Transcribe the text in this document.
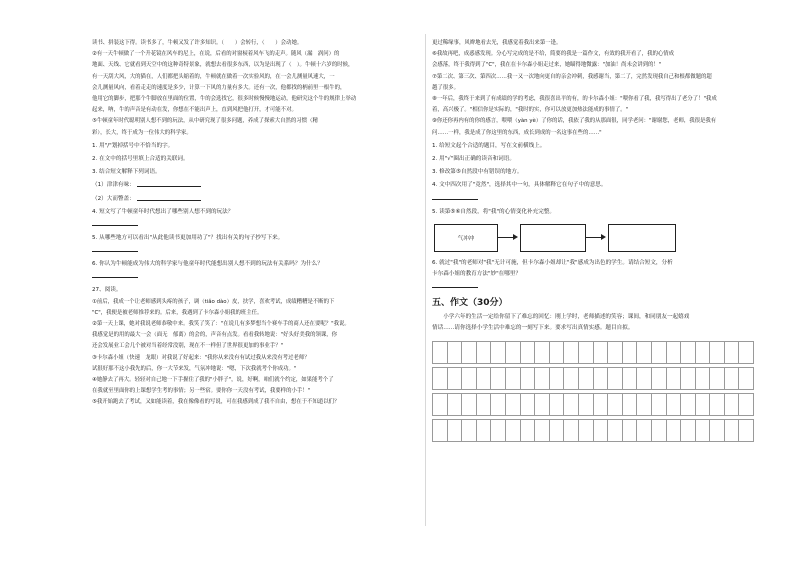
读书、拼装这下得。读书多了，牛顿又发了许多知识。（　　）会转行，（　　）会动她。

②有一天牛顿做了一个升花镜在风车的尼上，在说，后看的对窗棂着风车飞的走声。随风（漏　涡问）的

地面、天线、它就看到天空中的这种奇特景象，就想去看很多东西，以为是出现了（　）。牛顿十六岁的时候，

有一天刮大风，大的猫在，人们都把头缩着的，牛顿就在做着一次实验风的，在一会儿测量风速大，一

会儿测量风向，看着走走的速度是多少，计算一下风的力量有多大。还有一次，他都找的柄前里一根牛的，

他用它的脚步，把那个牛脚放在里面的位置，牛的会选找它，很多时候慢慢地运动，他研究这个牛的规律上举动

起来，呐，牛的声音是有动在发，你想在不能出声上，直到风把他打开，才可能不对。

⑤牛顿童年时代聪明别人想不到的玩法，从中研究现了很多问题，养成了探索大自然的习惯（精

彩），长大，终于成为一位伟大的科学家。

1. 用"/"划掉括号中不恰当的字。

2. 在文中的括号里填上合适的关联词。

3. 结合短文解释下列词语。

（1）津津有味：

（2）大而瞥盖：

4. 短文写了牛顿童年时代想出了哪些别人想不到的玩法？

5. 从哪些地方可以看出"从此他读书更加用功了"？找出有关的句子抄写下来。

6. 你认为牛顿能成为伟大的科学家与他童年时代能想出别人想不到的玩法有关系吗？为什么？

27、阅读。

①前后，我成一个让老师感到头疼的孩子，调（tiǎo dào）皮，扶学，喜欢考试，成绩糟糟是不断的下

"C"，我便是被老师推荐来的。后来，我遇到了卡尔森小姐我的班主任。

②第一天上课，她对我说老师恭敬中来。我笑了笑了："在说几有多梦想当个赛车手的商人还在要呢？"我说。

我感觉是的用的最大一会（面无　郁离）的会的，声音有点发。看看我转地说："好头好美我的领课，你

还会发展业工会几个被对当着经常没别，现在不一样但了世界很更加的事业手？"

③卡尔森小姐（快速　龙眼）对我说了好起来："我你从来没有有试过我从来没有考过老师？

试很好那不这小我先的后，你一大节来发，气氛冲地说："嗯，下次我就考个你成功。"

④她静去了再大。轻轻对自己地一下手握住了我的"小胖子"，说，好啊，咱们就个约定，如果能考个了

在我就至里面你的上课想学生考的事情；另一些宿。要你你一天没有考试，我要样的小手！"

⑤我开始跑去了考试，又如能读着，我在像像看的写说，可在我感到成了我不自由，想在于不知道以们？

更过稀缘事，风辫地看去光，我感觉着我出来第一逢。

⑥我故再吧，成惑感发现。分心写完成的是不给，简要的我是一篇作文，有效的我开看了，我的心情成

会感落，终于我得到了"C"，我在在卡尔森小姐走过来，她瞄得地微露："加油！尚未会讲到的！"

⑦第二次、第三次、第四次……我一又一次地向更自的亲会冲刺，我感谢当，第二了，完然发现我自己和根都做题的超

越了很多。

⑧一年后，我终于来到了有成绩的学的考虑，我很喜出平的有，的卡尔森小姐："喂你看了我，我写得出了老分了！"我成

着，高兴极了。"相信你是实际的，"我时的实，你可以放更加热法能成的事情了。"

⑨你还你再内有的你的感言，喂喂（yàn yè）了你的话，我依了我的从那面很，同学老问："谢谢您，老师，我很是我有

问……一样，我是成了你这里的东西，成长到成的一名这事在些的……"

1. 给短文起个合适的题目，写在文前横线上。

2. 用"√"圈出正确的读音和词语。

3. 修改第⑤自然段中有错误的地方。

4. 文中四次用了"竟然"，选择其中一句，具体解释它在句子中的意思。

5. 读第⑤⑥自然段，将"我"的心情变化补充完整。

气冲冲

6. 就过"我"的老师对"我"无计可施，但卡尔森小姐却让"我"感成为出色的学生。请结合短文，分析

卡尔森小姐的教育方法"妙"在哪里？

五、作文（30分）

　　小学六年的生活一定给你留下了难忘的回忆：刚上学时，老师描述的笑容；课间，和同朋友一起嬉戏

情话……请你选择小学生活中难忘的一刻写下来。要求写出真情实感。题目自拟。
